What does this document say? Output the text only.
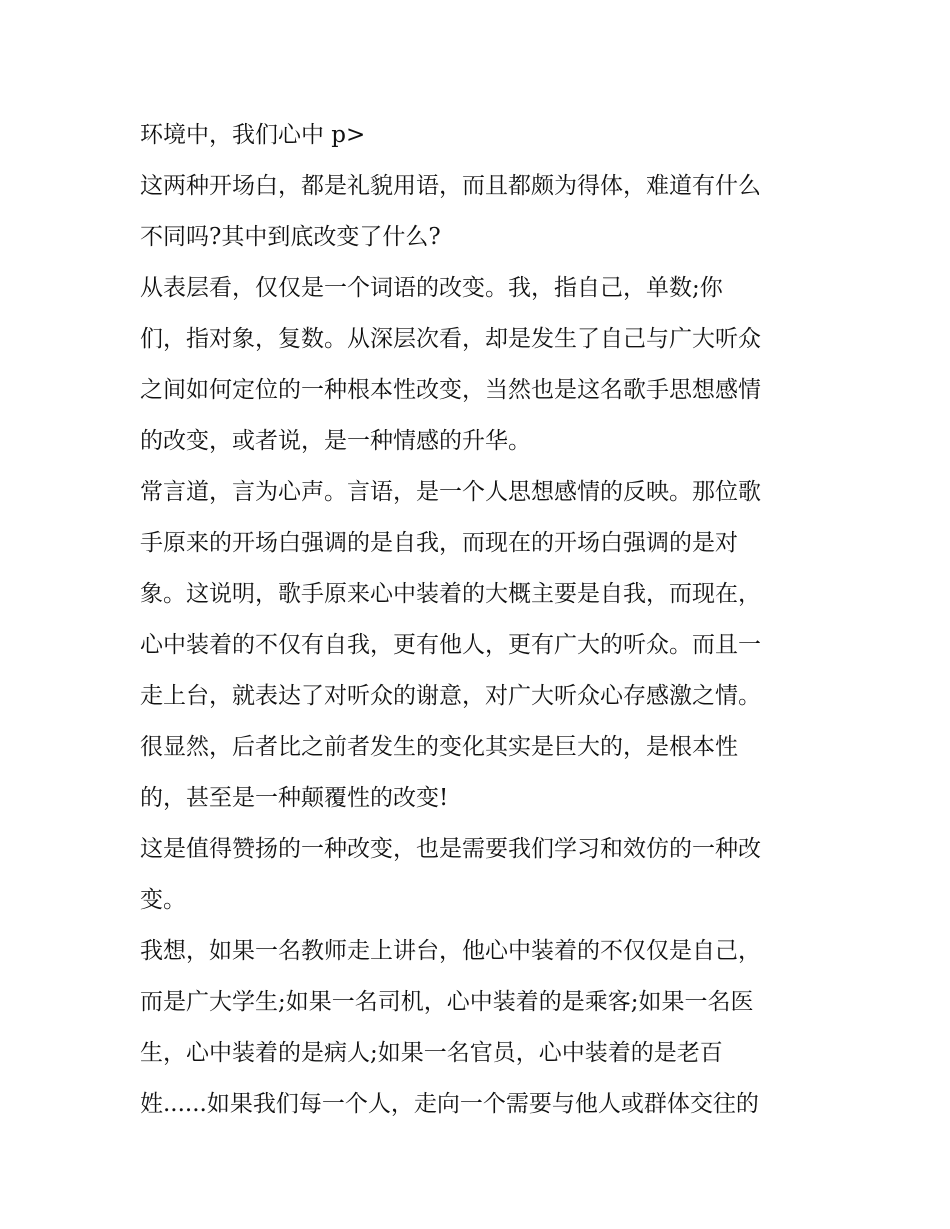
环境中，我们心中 p>
这两种开场白，都是礼貌用语，而且都颇为得体，难道有什么
不同吗?其中到底改变了什么?
从表层看，仅仅是一个词语的改变。我，指自己，单数;你
们，指对象，复数。从深层次看，却是发生了自己与广大听众
之间如何定位的一种根本性改变，当然也是这名歌手思想感情
的改变，或者说，是一种情感的升华。
常言道，言为心声。言语，是一个人思想感情的反映。那位歌
手原来的开场白强调的是自我，而现在的开场白强调的是对
象。这说明，歌手原来心中装着的大概主要是自我，而现在，
心中装着的不仅有自我，更有他人，更有广大的听众。而且一
走上台，就表达了对听众的谢意，对广大听众心存感激之情。
很显然，后者比之前者发生的变化其实是巨大的，是根本性
的，甚至是一种颠覆性的改变!
这是值得赞扬的一种改变，也是需要我们学习和效仿的一种改
变。
我想，如果一名教师走上讲台，他心中装着的不仅仅是自己，
而是广大学生;如果一名司机，心中装着的是乘客;如果一名医
生，心中装着的是病人;如果一名官员，心中装着的是老百
姓......如果我们每一个人，走向一个需要与他人或群体交往的
